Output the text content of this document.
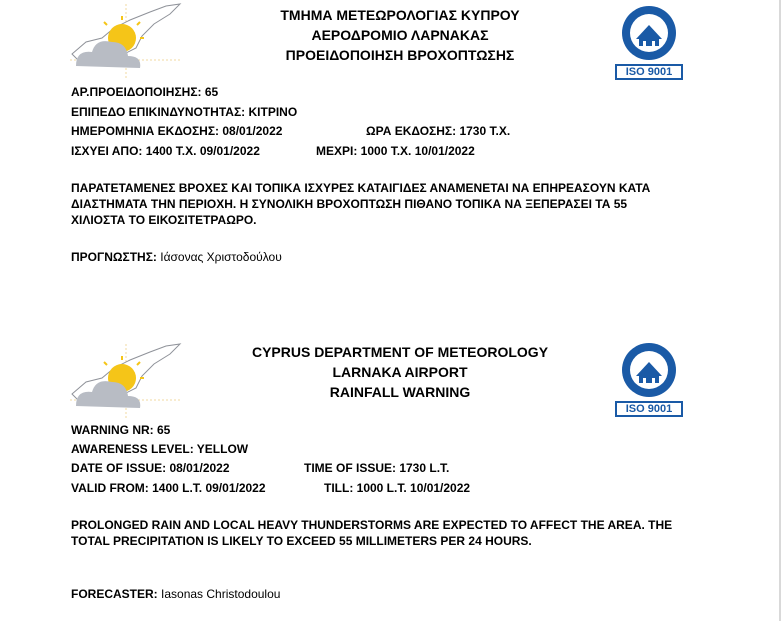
ΤΜΗΜΑ ΜΕΤΕΩΡΟΛΟΓΙΑΣ ΚΥΠΡΟΥ
ΑΕΡΟΔΡΟΜΙΟ ΛΑΡΝΑΚΑΣ
ΠΡΟΕΙΔΟΠΟΙΗΣΗ ΒΡΟΧΟΠΤΩΣΗΣ
ISO 9001
ΑΡ.ΠΡΟΕΙΔΟΠΟΙΗΣΗΣ: 65
ΕΠΙΠΕΔΟ ΕΠΙΚΙΝΔΥΝΟΤΗΤΑΣ: ΚΙΤΡΙΝΟ
ΗΜΕΡΟΜΗΝΙΑ ΕΚΔΟΣΗΣ: 08/01/2022	ΩΡΑ ΕΚΔΟΣΗΣ: 1730 Τ.Χ.
ΙΣΧΥΕΙ ΑΠΟ: 1400 Τ.Χ. 09/01/2022	ΜΕΧΡΙ: 1000 Τ.Χ. 10/01/2022
ΠΑΡΑΤΕΤΑΜΕΝΕΣ ΒΡΟΧΕΣ ΚΑΙ ΤΟΠΙΚΑ ΙΣΧΥΡΕΣ ΚΑΤΑΙΓΙΔΕΣ ΑΝΑΜΕΝΕΤΑΙ ΝΑ ΕΠΗΡΕΑΣΟΥΝ ΚΑΤΑ ΔΙΑΣΤΗΜΑΤΑ ΤΗΝ ΠΕΡΙΟΧΗ. Η ΣΥΝΟΛΙΚΗ ΒΡΟΧΟΠΤΩΣΗ ΠΙΘΑΝΟ ΤΟΠΙΚΑ ΝΑ ΞΕΠΕΡΑΣΕΙ ΤΑ 55 ΧΙΛΙΟΣΤΑ ΤΟ ΕΙΚΟΣΙΤΕΤΡΑΩΡΟ.
ΠΡΟΓΝΩΣΤΗΣ: Ιάσονας Χριστοδούλου
CYPRUS DEPARTMENT OF METEOROLOGY
LARNAKA AIRPORT
RAINFALL WARNING
ISO 9001
WARNING NR: 65
AWARENESS LEVEL: YELLOW
DATE OF ISSUE: 08/01/2022	TIME OF ISSUE: 1730 L.T.
VALID FROM: 1400 L.T. 09/01/2022	TILL: 1000 L.T. 10/01/2022
PROLONGED RAIN AND LOCAL HEAVY THUNDERSTORMS ARE EXPECTED TO AFFECT THE AREA. THE TOTAL PRECIPITATION IS LIKELY TO EXCEED 55 MILLIMETERS PER 24 HOURS.
FORECASTER: Iasonas Christodoulou
